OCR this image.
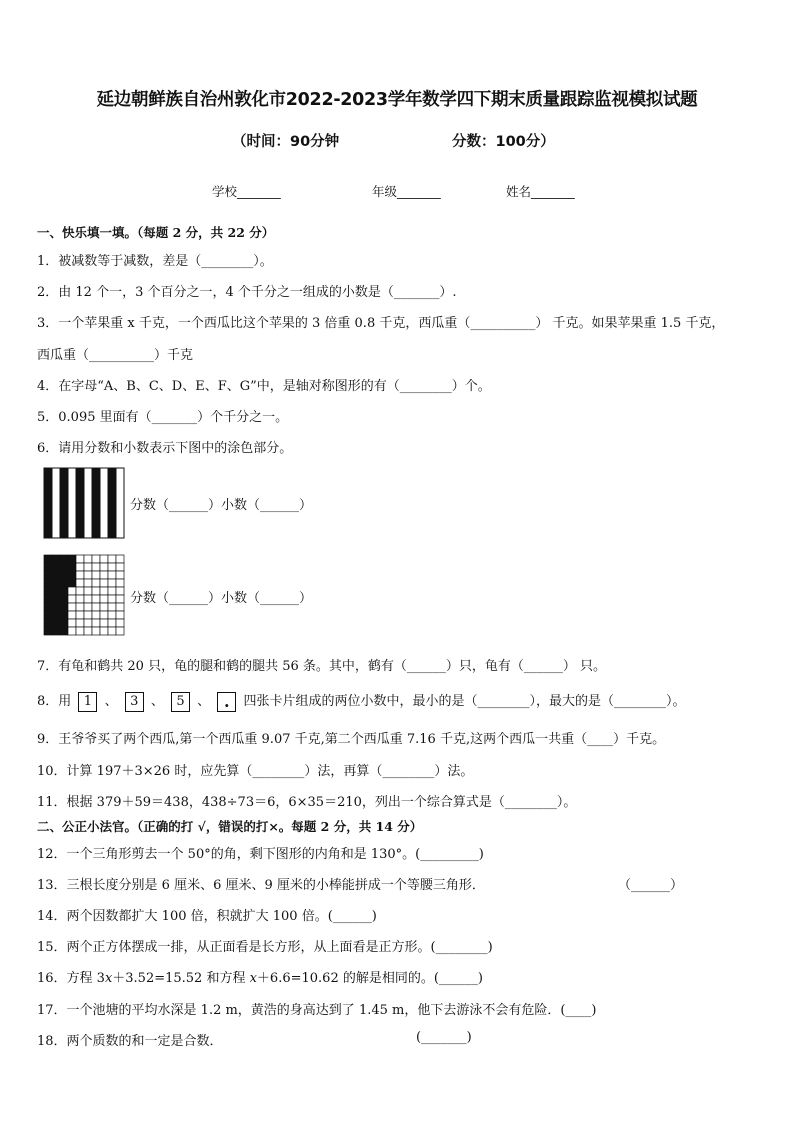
延边朝鲜族自治州敦化市2022-2023学年数学四下期末质量跟踪监视模拟试题
（时间：90分钟	分数：100分）
学校_______	年级_______	姓名_______
一、快乐填一填。（每题 2 分，共 22 分）
1．被减数等于减数，差是（________）。
2．由 12 个一，3 个百分之一，4 个千分之一组成的小数是（_______）.
3．一个苹果重 x 千克，一个西瓜比这个苹果的 3 倍重 0.8 千克，西瓜重（__________） 千克。如果苹果重 1.5 千克，
西瓜重（__________）千克
4．在字母“A、B、C、D、E、F、G”中，是轴对称图形的有（________）个。
5．0.095 里面有（_______）个千分之一。
6．请用分数和小数表示下图中的涂色部分。
分数（______）小数（______）
分数（______）小数（______）
7．有龟和鹤共 20 只，龟的腿和鹤的腿共 56 条。其中，鹤有（______）只，龟有（______） 只。
8．用 1 、 3 、 5 、 . 四张卡片组成的两位小数中，最小的是（________），最大的是（________）。
9．王爷爷买了两个西瓜,第一个西瓜重 9.07 千克,第二个西瓜重 7.16 千克,这两个西瓜一共重（____）千克。
10．计算 197＋3×26 时，应先算（________）法，再算（________）法。
11．根据 379＋59＝438，438÷73＝6，6×35＝210，列出一个综合算式是（________）。
二、公正小法官。（正确的打 √，错误的打×。每题 2 分，共 14 分）
12．一个三角形剪去一个 50°的角，剩下图形的内角和是 130°。(_________)
13．三根长度分别是 6 厘米、6 厘米、9 厘米的小棒能拼成一个等腰三角形．	（______）
14．两个因数都扩大 100 倍，积就扩大 100 倍。(______)
15．两个正方体摆成一排，从正面看是长方形，从上面看是正方形。(________)
16．方程 3𝑥＋3.52=15.52 和方程 𝑥＋6.6=10.62 的解是相同的。(______)
17．一个池塘的平均水深是 1.2 m，黄浩的身高达到了 1.45 m，他下去游泳不会有危险．(____)
18．两个质数的和一定是合数．	(_______)
